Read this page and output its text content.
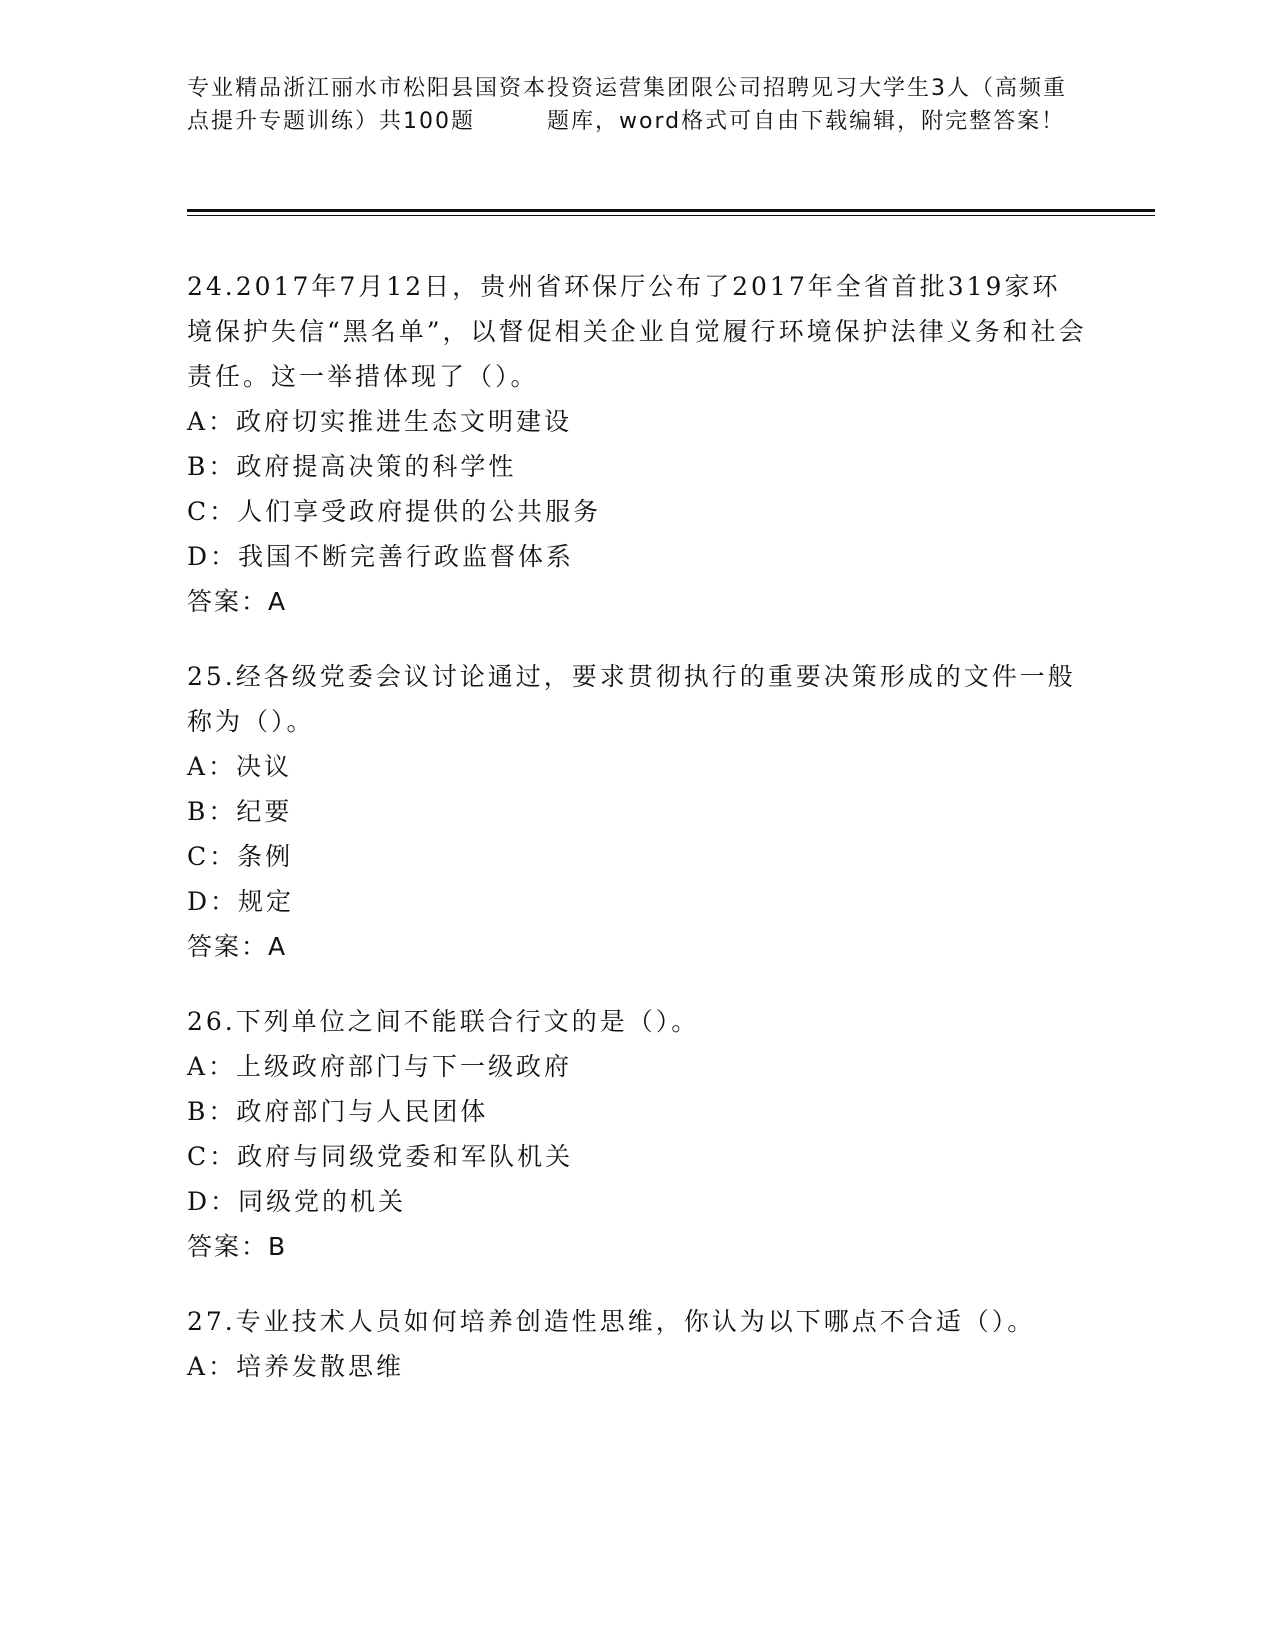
专业精品浙江丽水市松阳县国资本投资运营集团限公司招聘见习大学生3人（高频重点提升专题训练）共100题	题库，word格式可自由下载编辑，附完整答案！
24.2017年7月12日，贵州省环保厅公布了2017年全省首批319家环境保护失信“黑名单”，以督促相关企业自觉履行环境保护法律义务和社会责任。这一举措体现了（）。
A：政府切实推进生态文明建设
B：政府提高决策的科学性
C：人们享受政府提供的公共服务
D：我国不断完善行政监督体系
答案：A
25.经各级党委会议讨论通过，要求贯彻执行的重要决策形成的文件一般称为（）。
A：决议
B：纪要
C：条例
D：规定
答案：A
26.下列单位之间不能联合行文的是（）。
A：上级政府部门与下一级政府
B：政府部门与人民团体
C：政府与同级党委和军队机关
D：同级党的机关
答案：B
27.专业技术人员如何培养创造性思维，你认为以下哪点不合适（）。
A：培养发散思维
